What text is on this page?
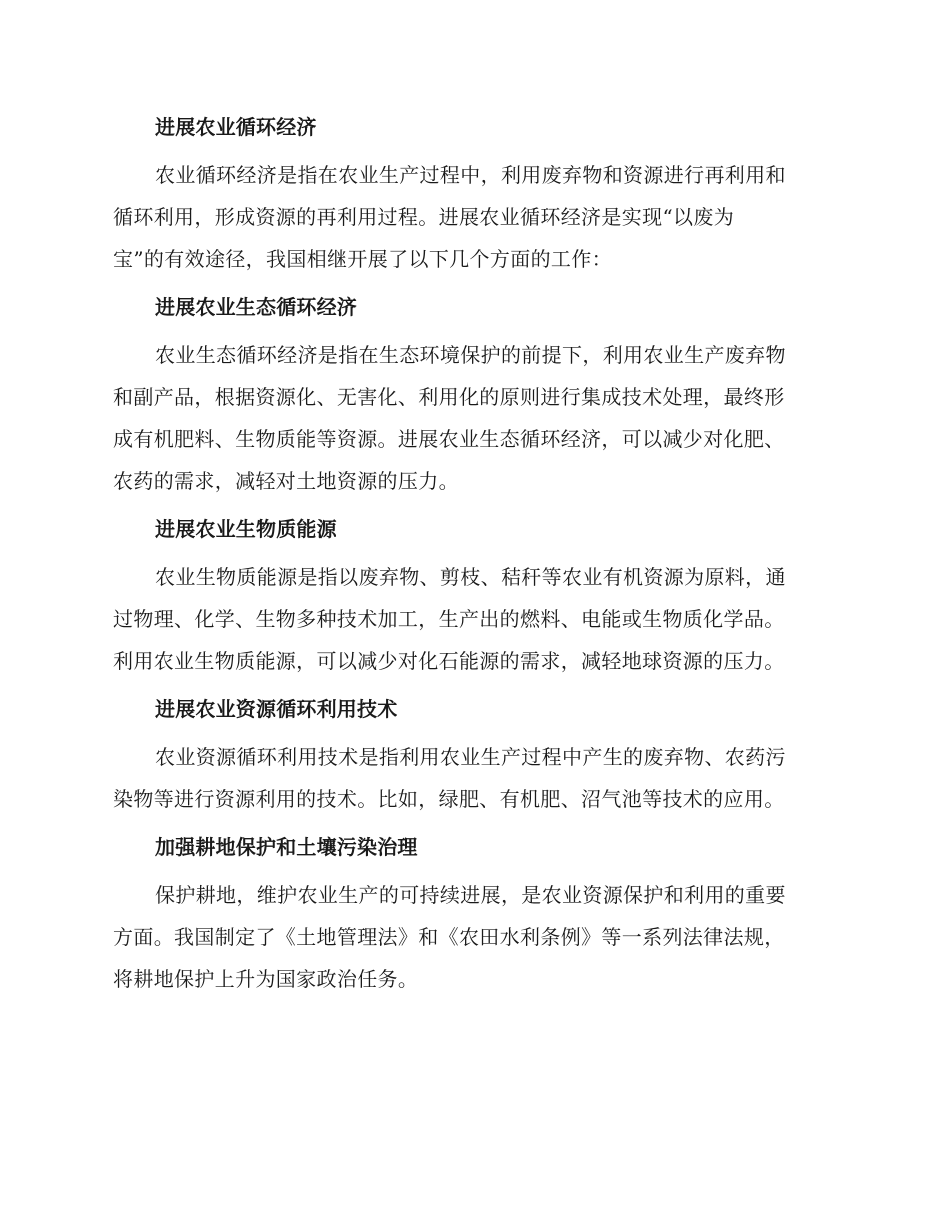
进展农业循环经济
农业循环经济是指在农业生产过程中，利用废弃物和资源进行再利用和
循环利用，形成资源的再利用过程。进展农业循环经济是实现“以废为
宝”的有效途径，我国相继开展了以下几个方面的工作：
进展农业生态循环经济
农业生态循环经济是指在生态环境保护的前提下，利用农业生产废弃物
和副产品，根据资源化、无害化、利用化的原则进行集成技术处理，最终形
成有机肥料、生物质能等资源。进展农业生态循环经济，可以减少对化肥、
农药的需求，减轻对土地资源的压力。
进展农业生物质能源
农业生物质能源是指以废弃物、剪枝、秸秆等农业有机资源为原料，通
过物理、化学、生物多种技术加工，生产出的燃料、电能或生物质化学品。
利用农业生物质能源，可以减少对化石能源的需求，减轻地球资源的压力。
进展农业资源循环利用技术
农业资源循环利用技术是指利用农业生产过程中产生的废弃物、农药污
染物等进行资源利用的技术。比如，绿肥、有机肥、沼气池等技术的应用。
加强耕地保护和土壤污染治理
保护耕地，维护农业生产的可持续进展，是农业资源保护和利用的重要
方面。我国制定了《土地管理法》和《农田水利条例》等一系列法律法规，
将耕地保护上升为国家政治任务。
